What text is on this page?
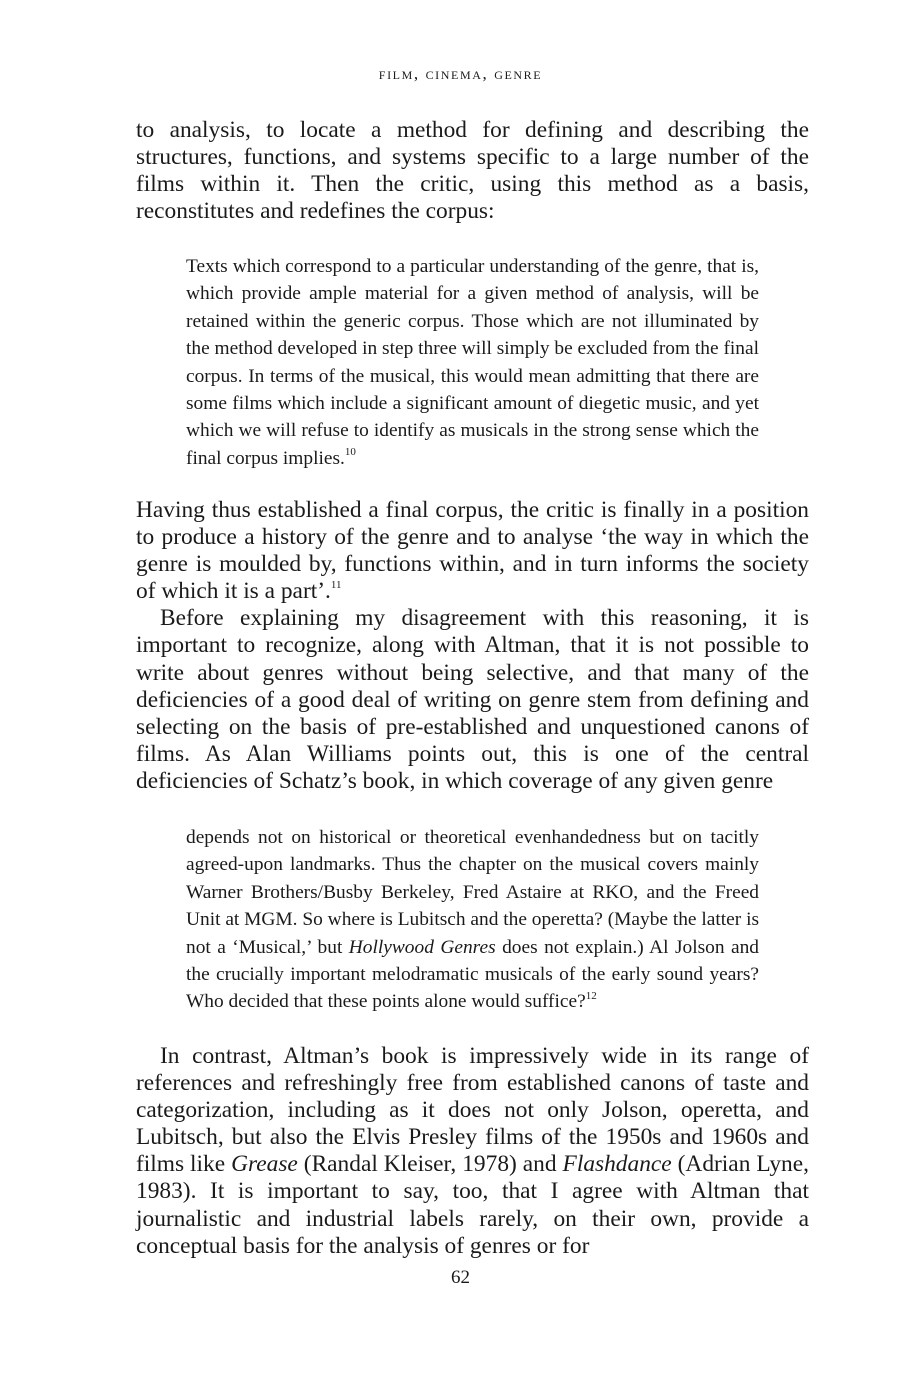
film, cinema, genre

to analysis, to locate a method for defining and describing the structures, functions, and systems specific to a large number of the films within it. Then the critic, using this method as a basis, reconstitutes and redefines the corpus:

Texts which correspond to a particular understanding of the genre, that is, which provide ample material for a given method of analysis, will be retained within the generic corpus. Those which are not illuminated by the method developed in step three will simply be excluded from the final corpus. In terms of the musical, this would mean admitting that there are some films which include a significant amount of diegetic music, and yet which we will refuse to identify as musicals in the strong sense which the final corpus implies.$^{10}$

Having thus established a final corpus, the critic is finally in a position to produce a history of the genre and to analyse ‘the way in which the genre is moulded by, functions within, and in turn informs the society of which it is a part’.$^{11}$

Before explaining my disagreement with this reasoning, it is important to recognize, along with Altman, that it is not possible to write about genres without being selective, and that many of the deficiencies of a good deal of writing on genre stem from defining and selecting on the basis of pre-established and unquestioned canons of films. As Alan Williams points out, this is one of the central deficiencies of Schatz’s book, in which coverage of any given genre

depends not on historical or theoretical evenhandedness but on tacitly agreed-upon landmarks. Thus the chapter on the musical covers mainly Warner Brothers/Busby Berkeley, Fred Astaire at RKO, and the Freed Unit at MGM. So where is Lubitsch and the operetta? (Maybe the latter is not a ‘Musical,’ but Hollywood Genres does not explain.) Al Jolson and the crucially important melodramatic musicals of the early sound years? Who decided that these points alone would suffice?$^{12}$

In contrast, Altman’s book is impressively wide in its range of references and refreshingly free from established canons of taste and categorization, including as it does not only Jolson, operetta, and Lubitsch, but also the Elvis Presley films of the 1950s and 1960s and films like Grease (Randal Kleiser, 1978) and Flashdance (Adrian Lyne, 1983). It is important to say, too, that I agree with Altman that journalistic and industrial labels rarely, on their own, provide a conceptual basis for the analysis of genres or for

62
